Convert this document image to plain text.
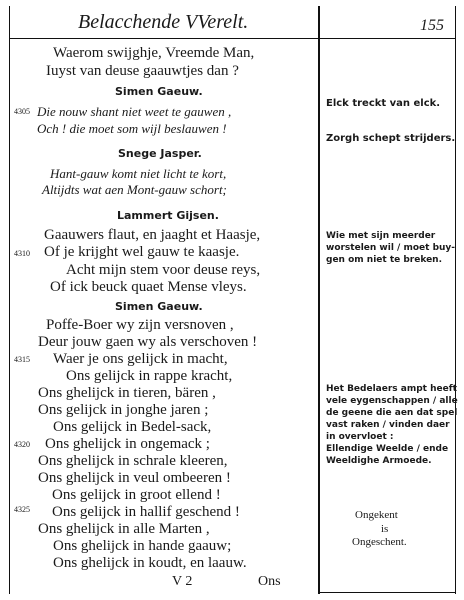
Belacchende VVerelt.	155
Waerom swijghje, Vreemde Man,
Iuyst van deuse gaauwtjes dan ?
Simen Gaeuw.
4305 Die nouw shant niet weet te gauwen ,
Och ! die moet som wijl beslauwen !
Snege Jasper.
Hant-gauw komt niet licht te kort,
Altijdts wat aen Mont-gauw schort;
Lammert Gijsen.
Gaauwers flaut, en jaaght et Haasje,
4310 Of je krijght wel gauw te kaasje.
Acht mijn stem voor deuse reys,
Of ick beuck quaet Mense vleys.
Simen Gaeuw.
Poffe-Boer wy zijn versnoven ,
Deur jouw gaen wy als verschoven !
4315 Waer je ons gelijck in macht,
Ons gelijck in rappe kracht,
Ons ghelijck in tieren, bären ,
Ons gelijck in jonghe jaren ;
Ons gelijck in Bedel-sack,
4320 Ons ghelijck in ongemack ;
Ons ghelijck in schrale kleeren,
Ons ghelijck in veul ombeeren !
Ons gelijck in groot ellend !
Ons gelijck in hallif geschend !
4325
Ons ghelijck in alle Marten ,
Ons ghelijck in hande gaauw;
Ons ghelijck in koudt, en laauw.
V 2	Ons
Elck treckt van elck.
Zorgh schept strijders.
Wie met sijn meerder
worstelen wil / moet buy-
gen om niet te breken.
Het Bedelaers ampt heeft
vele eygenschappen / alle
de geene die aen dat spel
vast raken / vinden daer
in overvloet :
Ellendige Weelde / ende
Weeldighe Armoede.
Ongekent
is
Ongeschent.
